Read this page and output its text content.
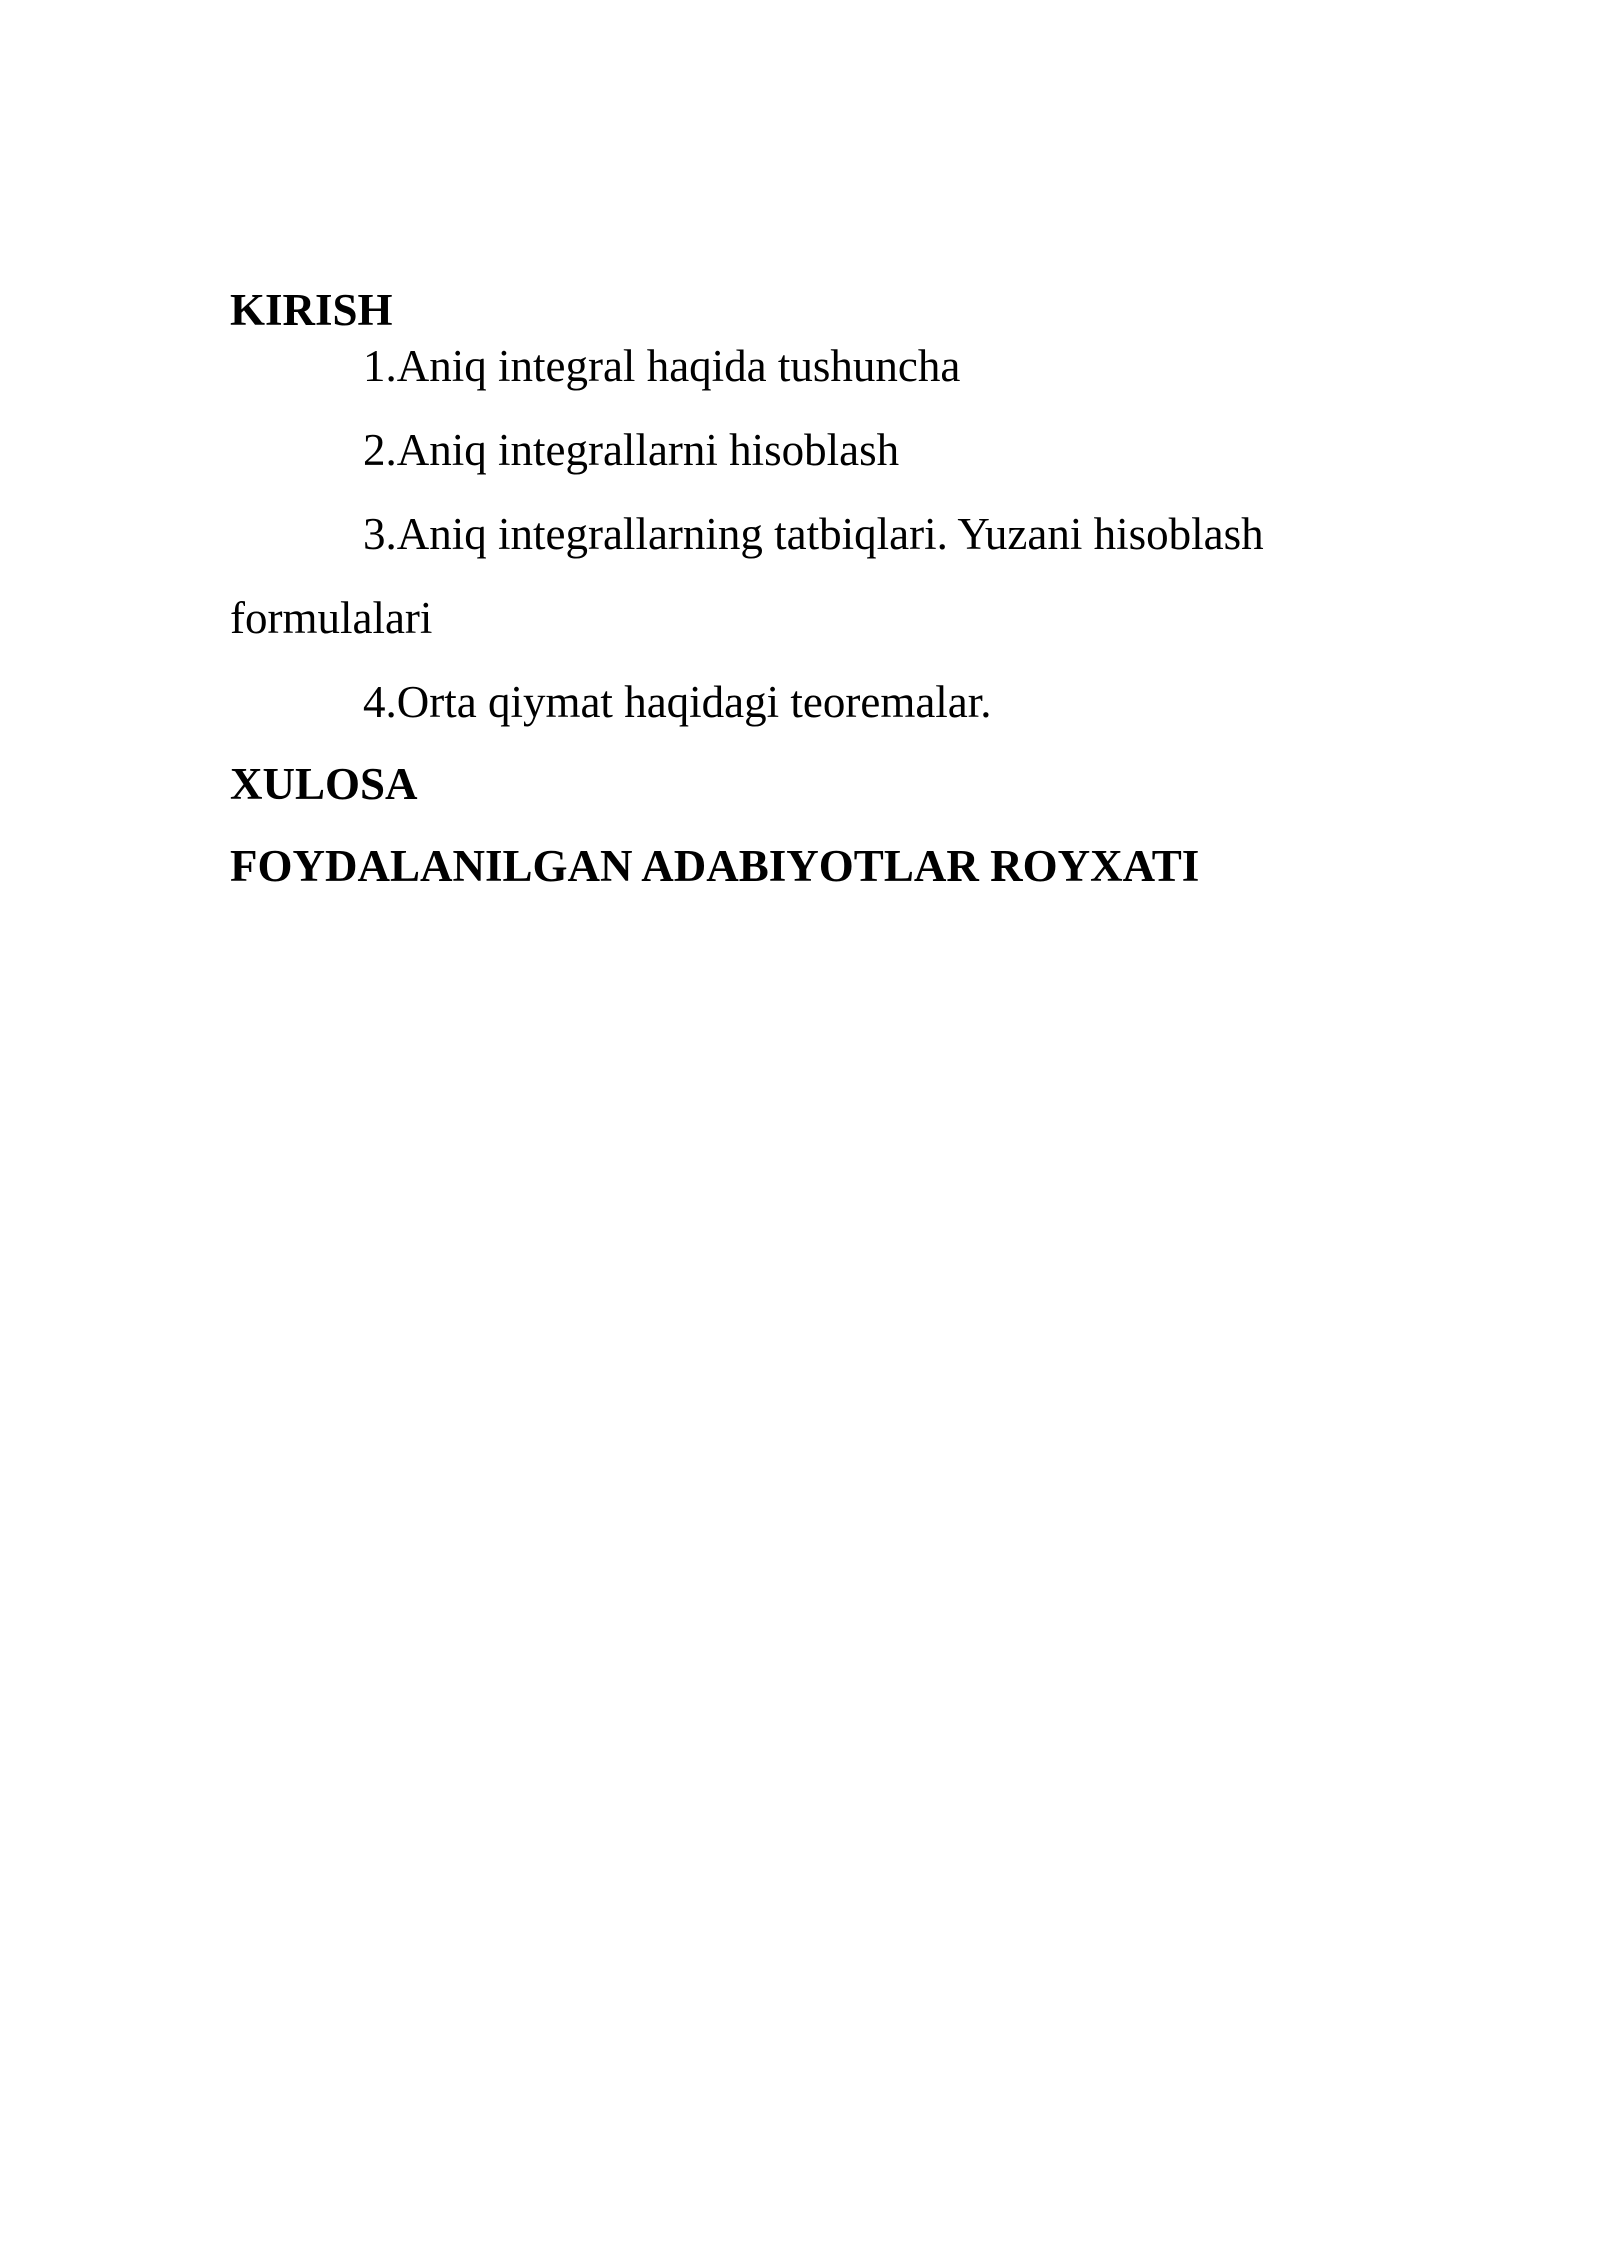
KIRISH

1.Aniq integral haqida tushuncha

2.Aniq integrallarni hisoblash

3.Aniq integrallarning tatbiqlari. Yuzani hisoblash

formulalari

4.Orta qiymat haqidagi teoremalar.

XULOSA

FOYDALANILGAN ADABIYOTLAR ROYXATI
